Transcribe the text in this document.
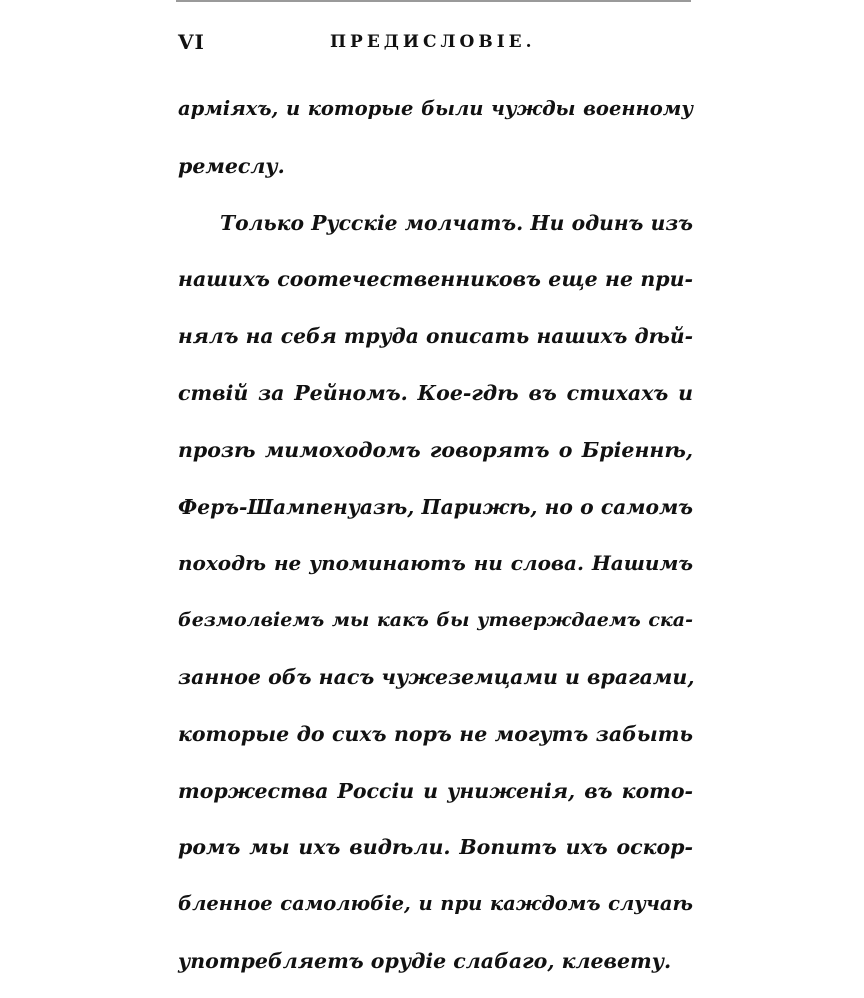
VI	ПРЕДИСЛОВІЕ.
арміяхъ, и которые были чужды военному
ремеслу.
Только Русскіе молчатъ. Ни одинъ изъ
нашихъ соотечественниковъ еще не при-
нялъ на себя труда описать нашихъ дѣй-
ствій за Рейномъ. Кое-гдѣ въ стихахъ и
прозѣ мимоходомъ говорятъ о Бріеннѣ,
Феръ-Шампенуазѣ, Парижѣ, но о самомъ
походѣ не упоминаютъ ни слова. Нашимъ
безмолвіемъ мы какъ бы утверждаемъ ска-
занное объ насъ чужеземцами и врагами,
которые до сихъ поръ не могутъ забыть
торжества Россіи и униженія, въ кото-
ромъ мы ихъ видѣли. Вопитъ ихъ оскор-
бленное самолюбіе, и при каждомъ случаѣ
употребляетъ орудіе слабаго, клевету.
